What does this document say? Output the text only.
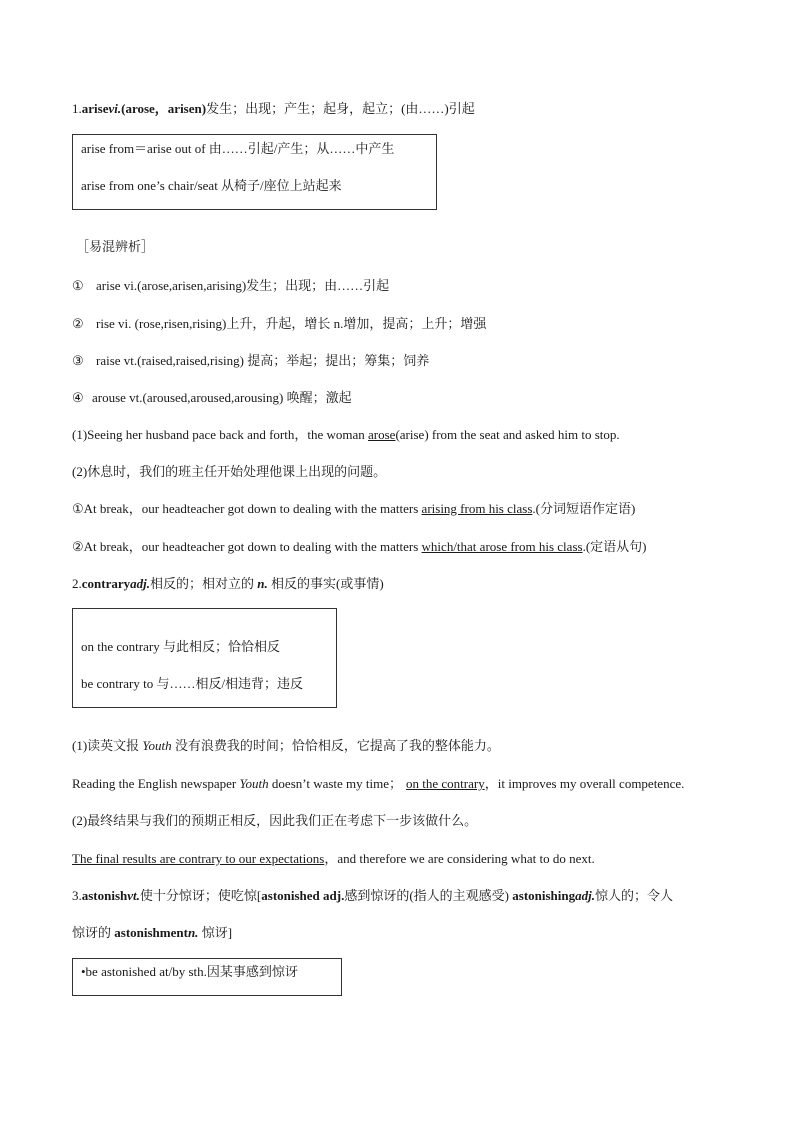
1.arisevi.(arose，arisen)发生；出现；产生；起身，起立；(由……)引起
arise from＝arise out of 由……引起/产生；从……中产生
arise from one’s chair/seat 从椅子/座位上站起来
［易混辨析］
① arise vi.(arose,arisen,arising)发生；出现；由……引起
② rise vi. (rose,risen,rising)上升，升起，增长 n.增加，提高；上升；增强
③ raise vt.(raised,raised,rising) 提高；举起；提出；筹集；饲养
④ arouse vt.(aroused,aroused,arousing) 唤醒；激起
(1)Seeing her husband pace back and forth，the woman arose(arise) from the seat and asked him to stop.
(2)休息时，我们的班主任开始处理他课上出现的问题。
①At break，our headteacher got down to dealing with the matters arising from his class.(分词短语作定语)
②At break，our headteacher got down to dealing with the matters which/that arose from his class.(定语从句)
2.contraryadj.相反的；相对立的 n. 相反的事实(或事情)
on the contrary 与此相反；恰恰相反
be contrary to 与……相反/相违背；违反
(1)读英文报 Youth 没有浪费我的时间；恰恰相反，它提高了我的整体能力。
Reading the English newspaper Youth doesn’t waste my time； on the contrary，it improves my overall competence.
(2)最终结果与我们的预期正相反，因此我们正在考虑下一步该做什么。
The final results are contrary to our expectations，and therefore we are considering what to do next.
3.astonishvt.使十分惊讶；使吃惊[astonished adj.感到惊讶的(指人的主观感受) astonishingadj.惊人的；令人
惊讶的 astonishmentn. 惊讶]
•be astonished at/by sth.因某事感到惊讶
